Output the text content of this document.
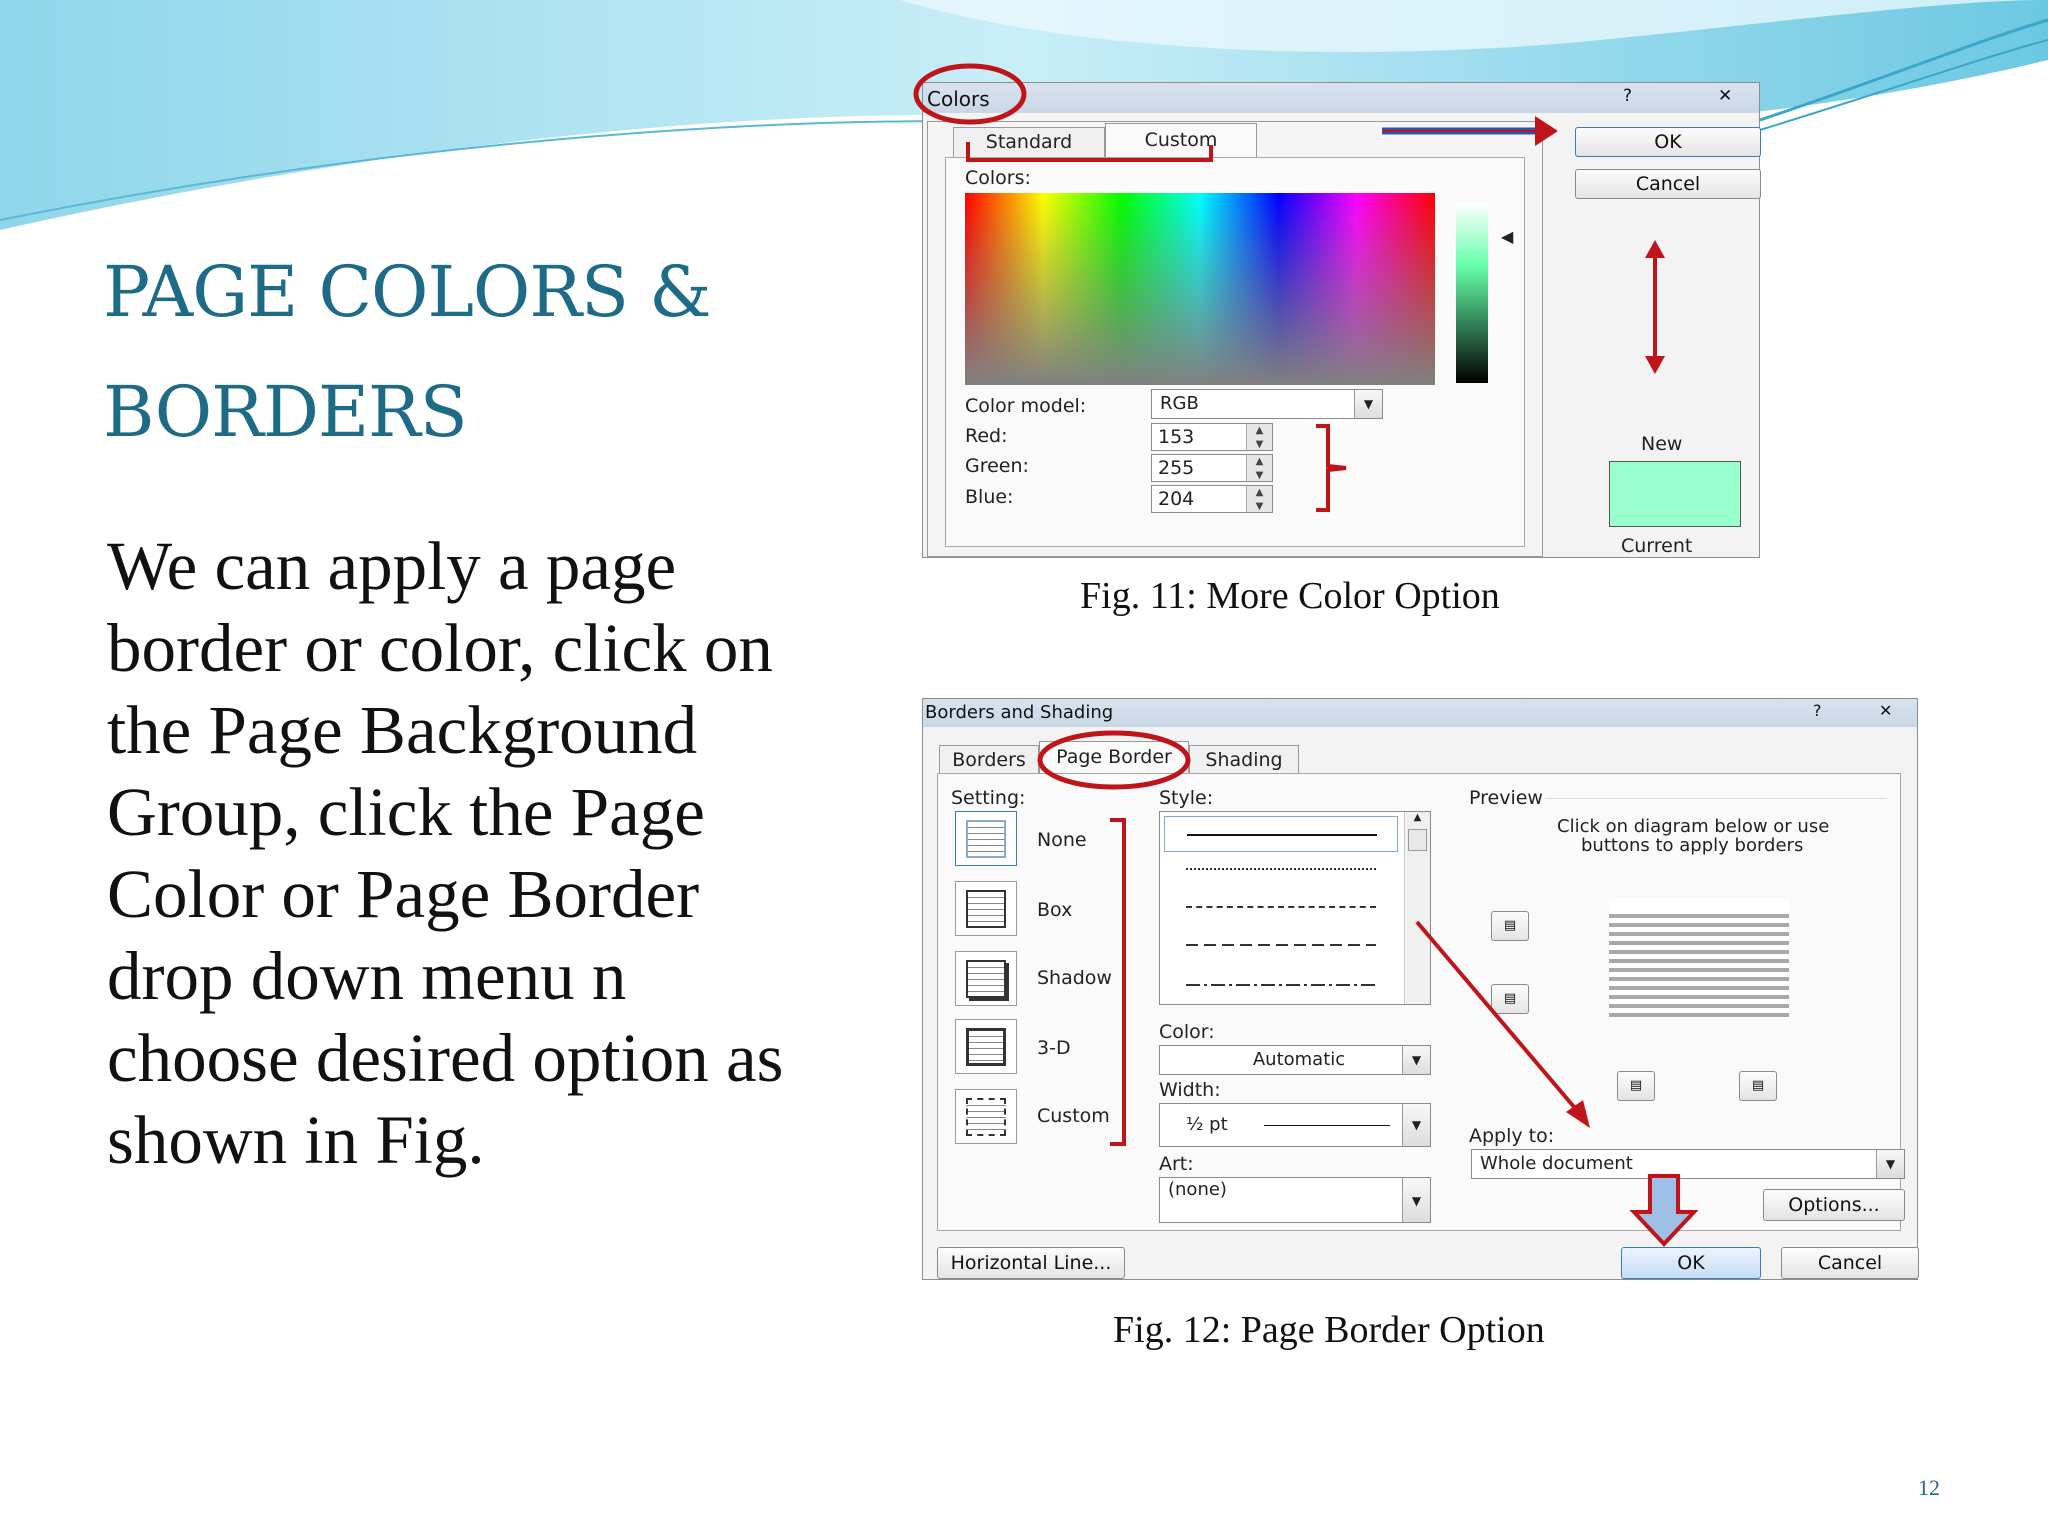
PAGE COLORS &
BORDERS
We can apply a page border or color, click on the Page Background Group, click the Page Color or Page Border drop down menu n choose desired option as shown in Fig.
Colors	?	✕
Standard	Custom
Colors:
◀
Color model:	RGB	▼
Red:	153	▲
▼
Green:	255	▲
▼
Blue:	204	▲
▼
OK
Cancel
New
Current
Fig. 11: More Color Option
Borders and Shading	?	✕
Borders	Page Border	Shading
Setting:
None
Box
Shadow
3-D
Custom
Style:
▲
Color:
Automatic	▼
Width:
½ pt	▼
Art:
(none)
▼
Preview
Click on diagram below or use
buttons to apply borders
▤
▤
▤	▤
Apply to:
Whole document	▼
Options...
Horizontal Line...	OK	Cancel
Fig. 12: Page Border Option
12
